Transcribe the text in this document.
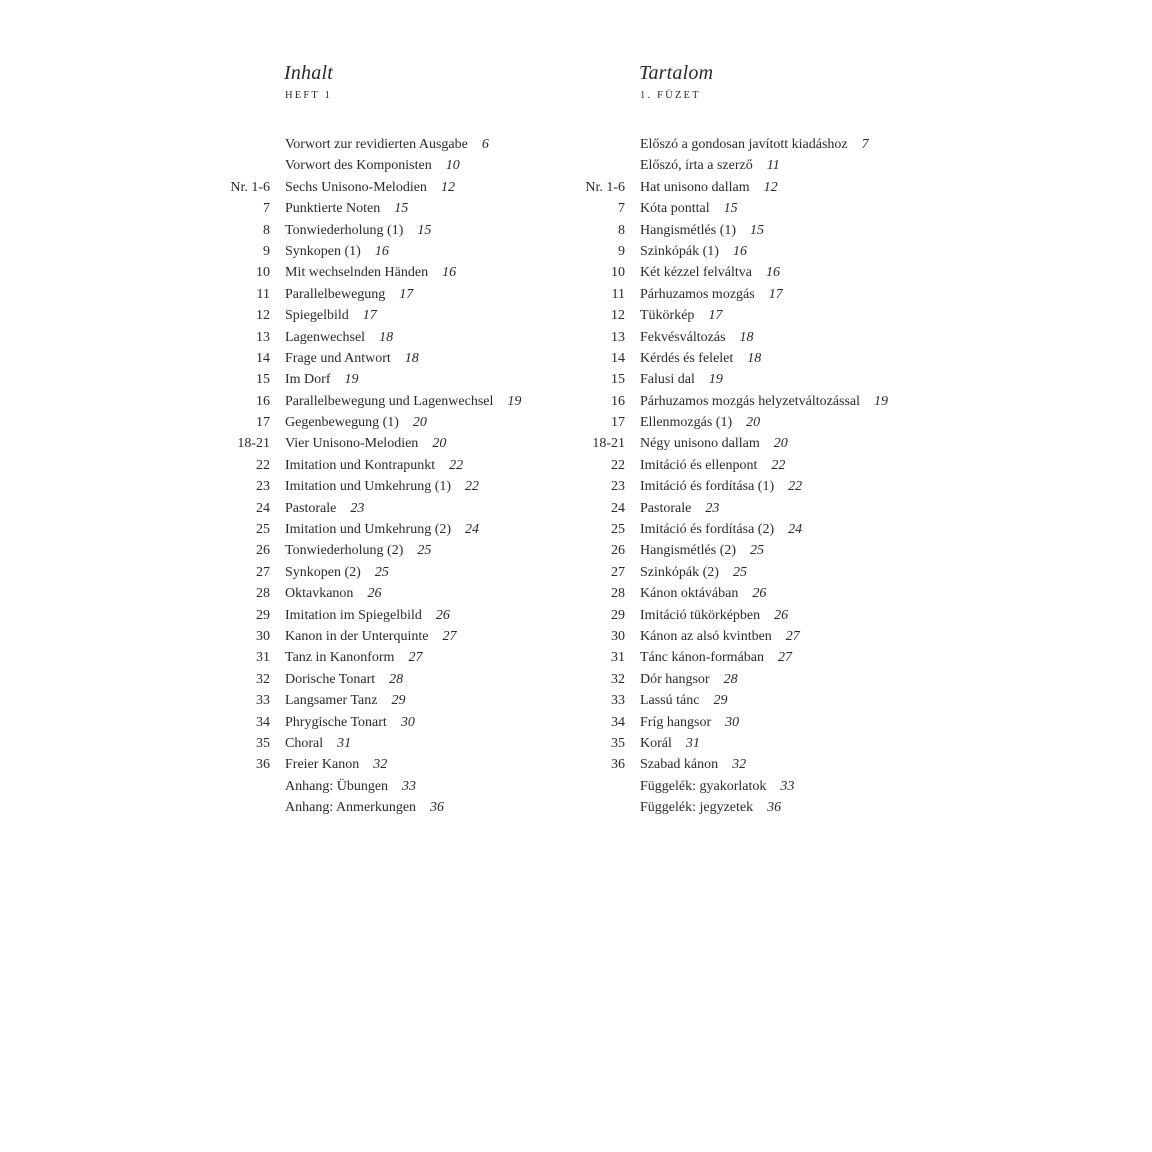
Inhalt
HEFT 1
Vorwort zur revidierten Ausgabe 6
Vorwort des Komponisten 10
Nr. 1-6 Sechs Unisono-Melodien 12
7 Punktierte Noten 15
8 Tonwiederholung (1) 15
9 Synkopen (1) 16
10 Mit wechselnden Händen 16
11 Parallelbewegung 17
12 Spiegelbild 17
13 Lagenwechsel 18
14 Frage und Antwort 18
15 Im Dorf 19
16 Parallelbewegung und Lagenwechsel 19
17 Gegenbewegung (1) 20
18-21 Vier Unisono-Melodien 20
22 Imitation und Kontrapunkt 22
23 Imitation und Umkehrung (1) 22
24 Pastorale 23
25 Imitation und Umkehrung (2) 24
26 Tonwiederholung (2) 25
27 Synkopen (2) 25
28 Oktavkanon 26
29 Imitation im Spiegelbild 26
30 Kanon in der Unterquinte 27
31 Tanz in Kanonform 27
32 Dorische Tonart 28
33 Langsamer Tanz 29
34 Phrygische Tonart 30
35 Choral 31
36 Freier Kanon 32
Anhang: Übungen 33
Anhang: Anmerkungen 36
Tartalom
1. FÜZET
Előszó a gondosan javított kiadáshoz 7
Előszó, írta a szerző 11
Nr. 1-6 Hat unisono dallam 12
7 Kóta ponttal 15
8 Hangismétlés (1) 15
9 Szinkópák (1) 16
10 Két kézzel felváltva 16
11 Párhuzamos mozgás 17
12 Tükörkép 17
13 Fekvésváltozás 18
14 Kérdés és felelet 18
15 Falusi dal 19
16 Párhuzamos mozgás helyzetváltozással 19
17 Ellenmozgás (1) 20
18-21 Négy unisono dallam 20
22 Imitáció és ellenpont 22
23 Imitáció és fordítása (1) 22
24 Pastorale 23
25 Imitáció és fordítása (2) 24
26 Hangismétlés (2) 25
27 Szinkópák (2) 25
28 Kánon oktávában 26
29 Imitáció tükörképben 26
30 Kánon az alsó kvintben 27
31 Tánc kánon-formában 27
32 Dór hangsor 28
33 Lassú tánc 29
34 Fríg hangsor 30
35 Korál 31
36 Szabad kánon 32
Függelék: gyakorlatok 33
Függelék: jegyzetek 36
